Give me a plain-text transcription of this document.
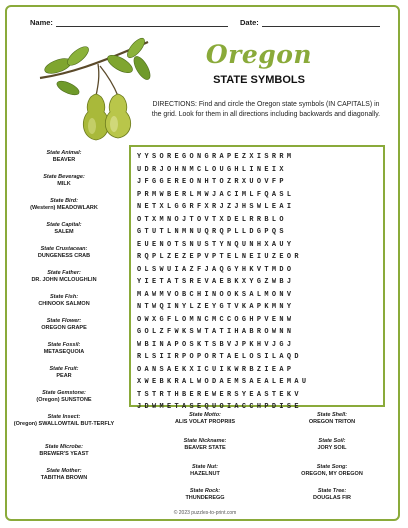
Name:	Date:
Oregon
STATE SYMBOLS
DIRECTIONS: Find and circle the Oregon state symbols (IN CAPITALS) in the grid. Look for them in all directions including backwards and diagonally.
YYSOREGONGRAPEZXISRRM
UDRJOHNMCLOUGHLINEIX
JFGGEREONHTOZRXUOVFP
PRMWBERLMWJACIMLFQASL
NETXLGGRFXRJZJHSWLEAI
OTXMNOJTOVTXDELRRBLO
GTUTLNMNUQRQPLLDGPQS
EUENOTSNUSTYNQUNHXAUY
RQPLZEZEPVPTELNEIUZEOR
OLSWUIAZFJAQGYHKVTMDO
YIETATSREVAEBKXYGZWBJ
MAWMVOBCHINOOKSALMONV
NTWQINYLZEYGTVKAPKMNY
OWXGFLOMNCMCCOGHPVENW
GOLZFWKSWTATIHABROWNN
WBINAPOSKTSBVJPKHVJGJ
RLSIIRPOPORTAELOSILAQD
OANSAEKXICUIKWRBZIEAP
XWEBKRALWODAEMSAEALEMAU
TSTRTHBEREWERSYEASTEKV
JDWMETASEQUOIACCHPDISE
State Animal:
BEAVER
State Beverage:
MILK
State Bird:
(Western) MEADOWLARK
State Capital:
SALEM
State Crustacean:
DUNGENESS CRAB
State Father:
DR. JOHN MCLOUGHLIN
State Fish:
CHINOOK SALMON
State Flower:
OREGON GRAPE
State Fossil:
METASEQUOIA
State Fruit:
PEAR
State Gemstone:
(Oregon) SUNSTONE
State Insect:
(Oregon) SWALLOWTAIL BUT-TERFLY
State Microbe:
BREWER'S YEAST
State Mother:
TABITHA BROWN
State Motto:
ALIS VOLAT PROPRIIS
State Nickname:
BEAVER STATE
State Nut:
HAZELNUT
State Rock:
THUNDEREGG
State Shell:
OREGON TRITON
State Soil:
JORY SOIL
State Song:
OREGON, MY OREGON
State Tree:
DOUGLAS FIR
© 2023 puzzles-to-print.com
